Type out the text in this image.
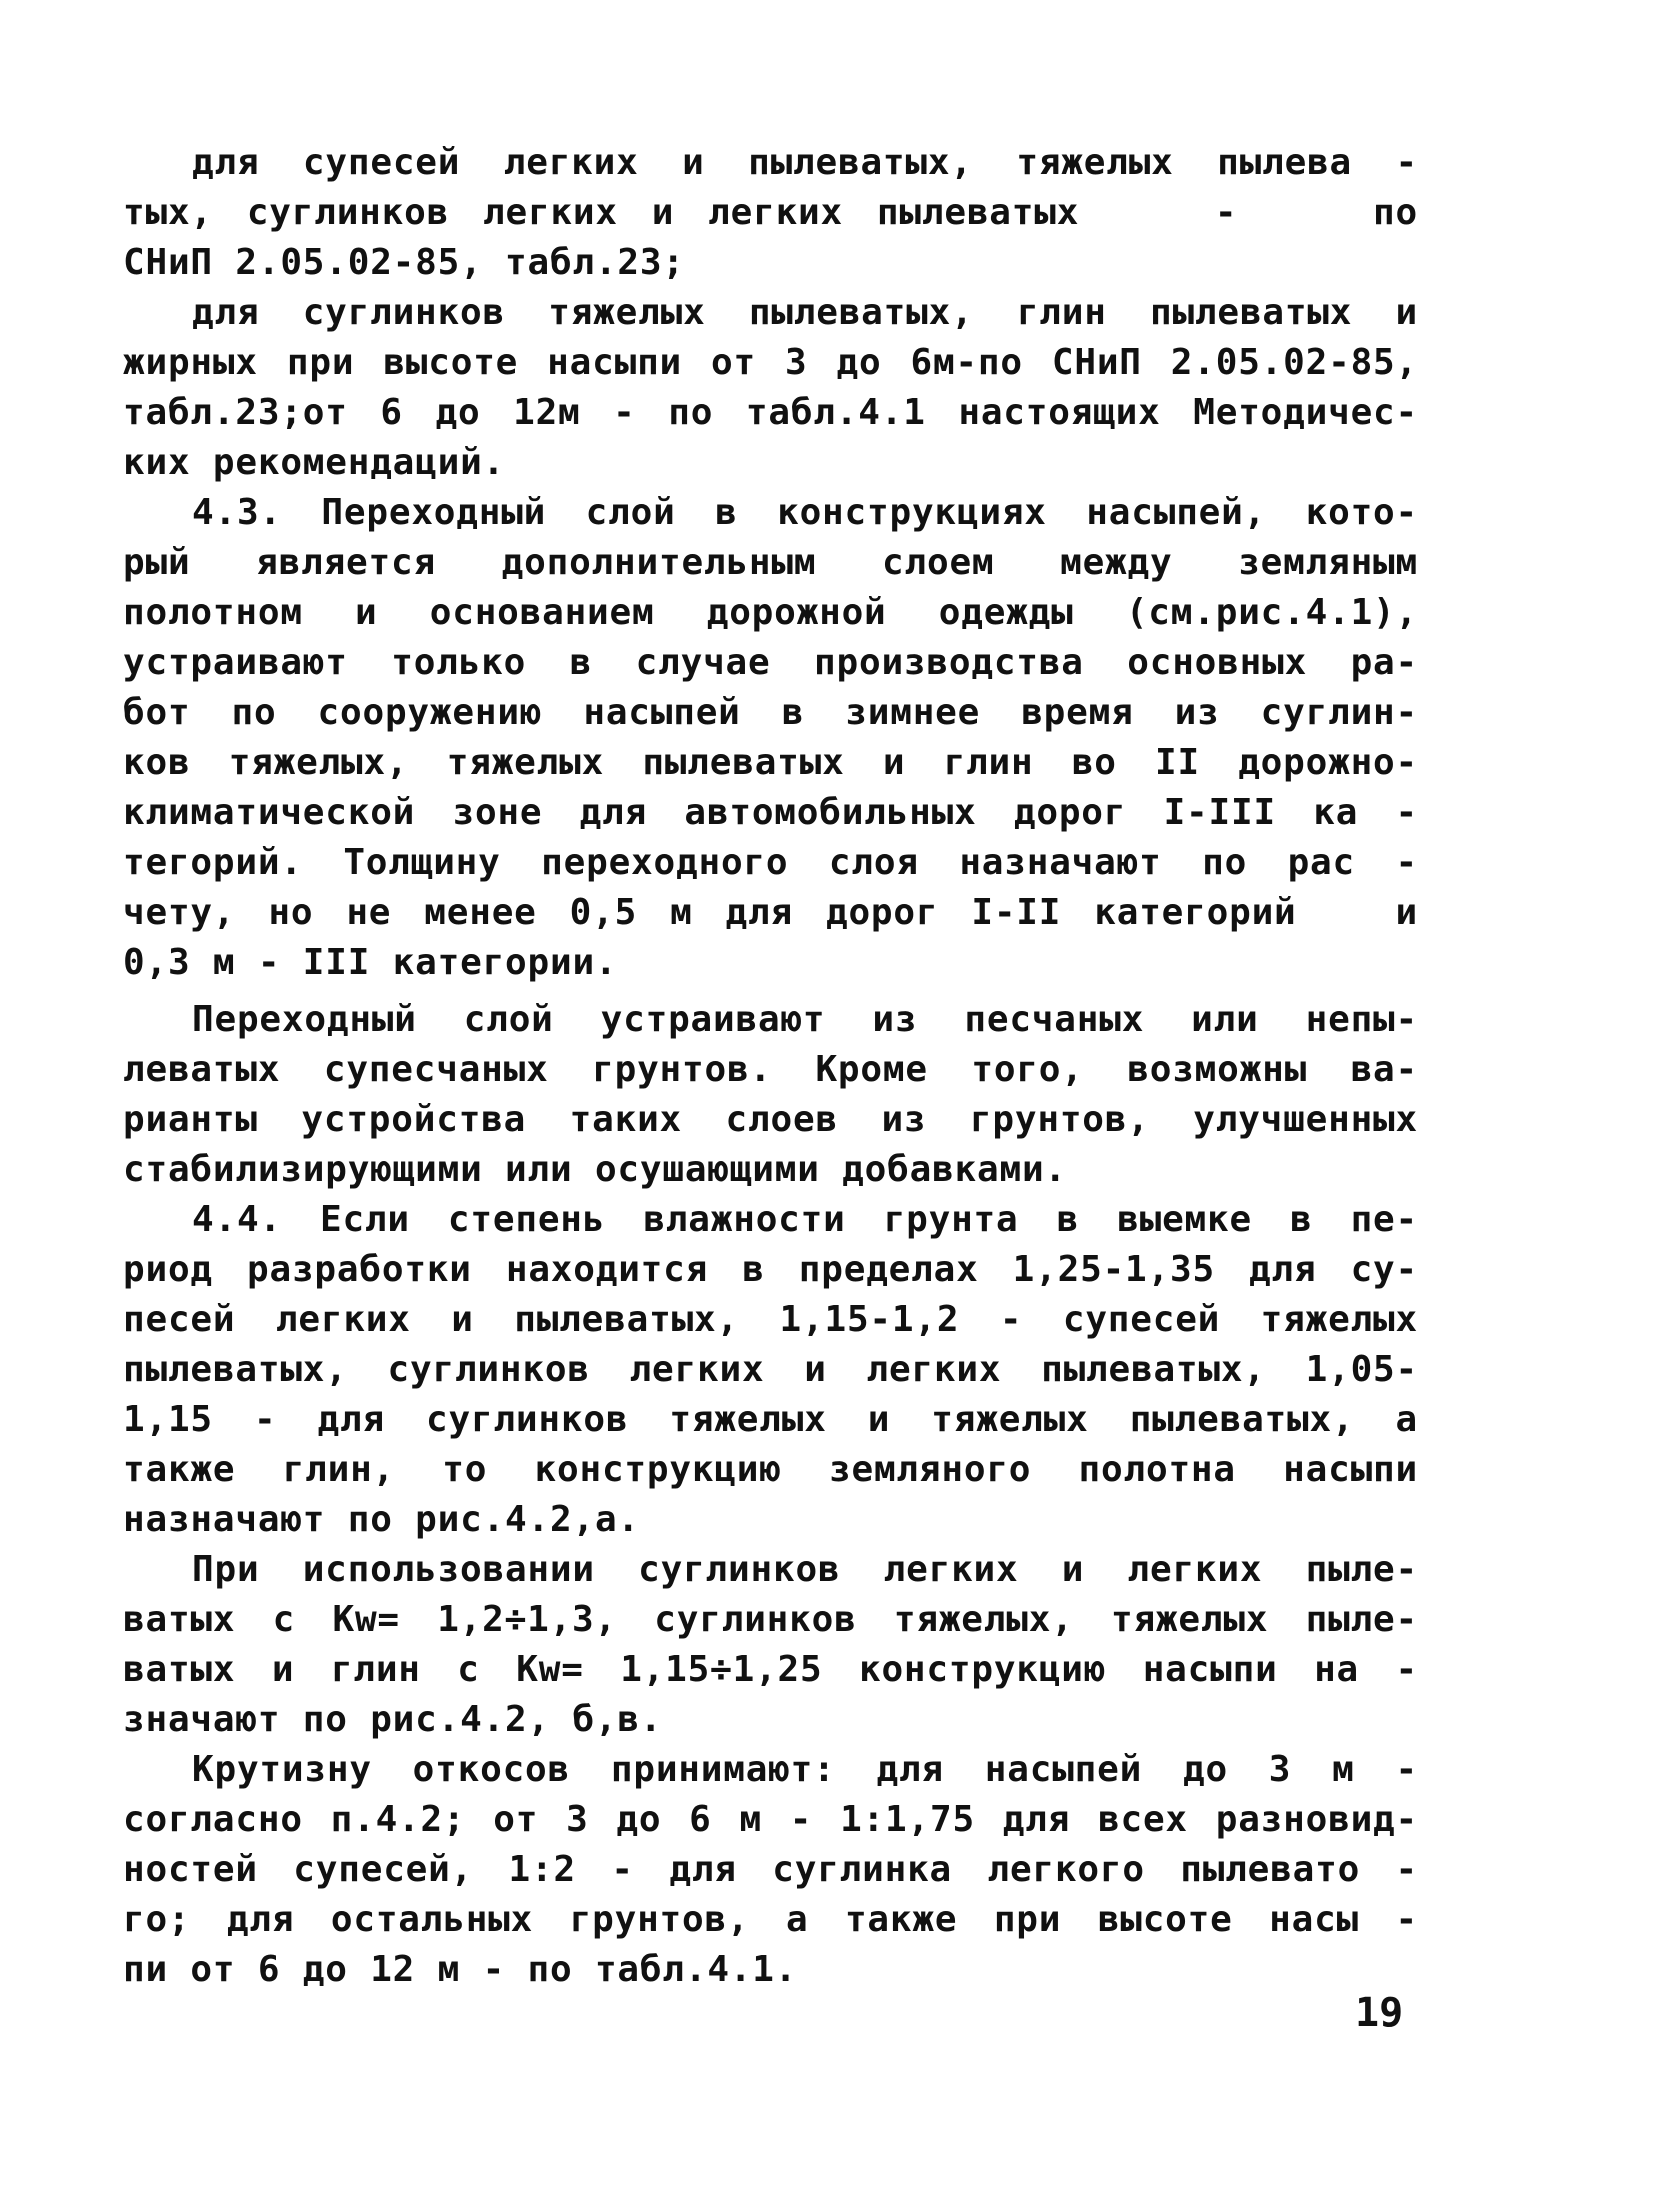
для супесей легких и пылеватых, тяжелых пылева -
тых, суглинков легких и легких пылеватых    -    по
СНиП 2.05.02-85, табл.23;
для суглинков тяжелых пылеватых, глин пылеватых и
жирных при высоте насыпи от 3 до 6м-по СНиП 2.05.02-85,
табл.23;от 6 до 12м - по табл.4.1 настоящих Методичес-
ких рекомендаций.
4.3. Переходный слой в конструкциях насыпей, кото-
рый является дополнительным слоем между земляным
полотном и основанием дорожной одежды (см.рис.4.1),
устраивают только в случае производства основных ра-
бот по сооружению насыпей в зимнее время из суглин-
ков тяжелых, тяжелых пылеватых и глин во II дорожно-
климатической зоне для автомобильных дорог I-III ка -
тегорий. Толщину переходного слоя назначают по рас -
чету, но не менее 0,5 м для дорог I-II категорий   и
0,3 м - III категории.
Переходный слой устраивают из песчаных или непы-
леватых супесчаных грунтов. Кроме того, возможны ва-
рианты устройства таких слоев из грунтов, улучшенных
стабилизирующими или осушающими добавками.
4.4. Если степень влажности грунта в выемке в пе-
риод разработки находится в пределах 1,25-1,35 для су-
песей легких и пылеватых, 1,15-1,2 - супесей тяжелых
пылеватых, суглинков легких и легких пылеватых, 1,05-
1,15 - для суглинков тяжелых и тяжелых пылеватых, а
также глин, то конструкцию земляного полотна насыпи
назначают по рис.4.2,а.
При использовании суглинков легких и легких пыле-
ватых с Kw= 1,2÷1,3, суглинков тяжелых, тяжелых пыле-
ватых и глин с Kw= 1,15÷1,25 конструкцию насыпи на -
значают по рис.4.2, б,в.
Крутизну откосов принимают: для насыпей до 3 м -
согласно п.4.2; от 3 до 6 м - 1:1,75 для всех разновид-
ностей супесей, 1:2 - для суглинка легкого пылевато -
го; для остальных грунтов, а также при высоте насы -
пи от 6 до 12 м - по табл.4.1.
19
